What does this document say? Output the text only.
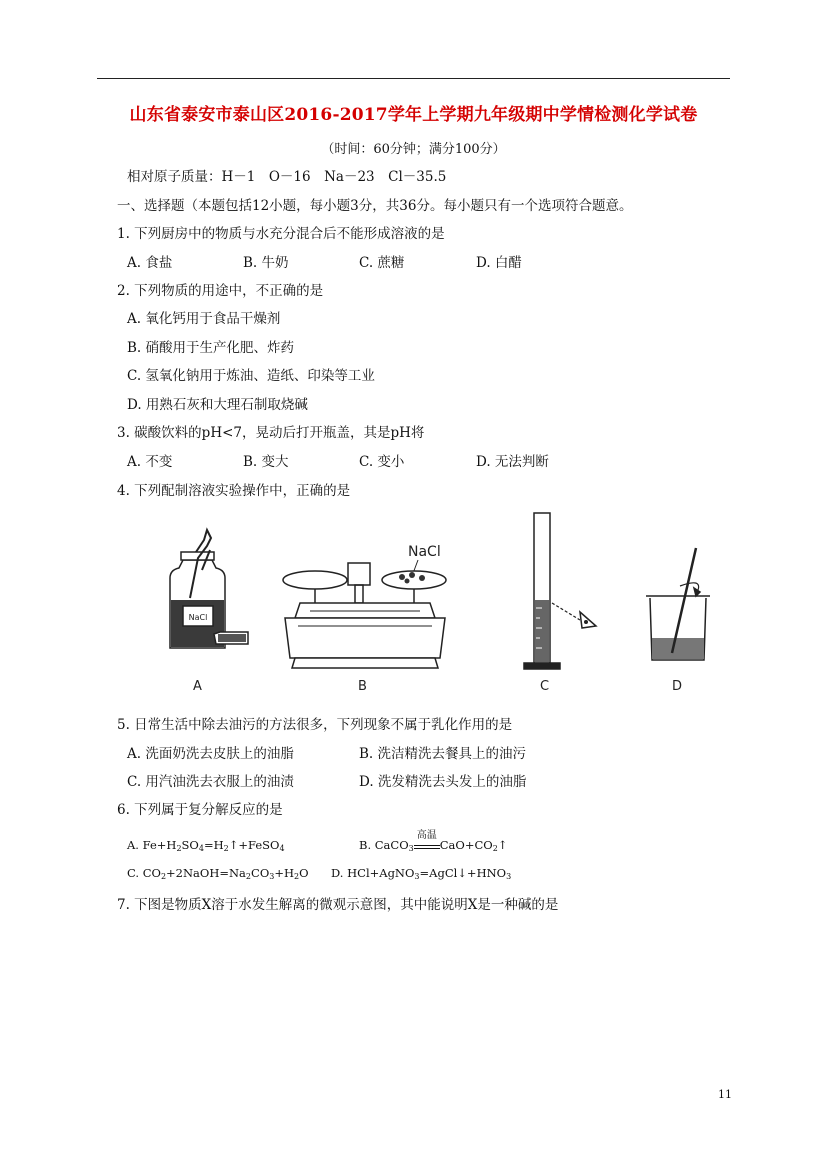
山东省泰安市泰山区2016-2017学年上学期九年级期中学情检测化学试卷
（时间：60分钟；满分100分）
相对原子质量：H－1　O－16　Na－23　Cl－35.5
一、选择题（本题包括12小题，每小题3分，共36分。每小题只有一个选项符合题意。
1. 下列厨房中的物质与水充分混合后不能形成溶液的是
A. 食盐	B. 牛奶	C. 蔗糖	D. 白醋
2. 下列物质的用途中，不正确的是
A. 氧化钙用于食品干燥剂
B. 硝酸用于生产化肥、炸药
C. 氢氧化钠用于炼油、造纸、印染等工业
D. 用熟石灰和大理石制取烧碱
3. 碳酸饮料的pH<7，晃动后打开瓶盖，其是pH将
A. 不变	B. 变大	C. 变小	D. 无法判断
4. 下列配制溶液实验操作中，正确的是
NaCl
A
NaCl
B	C	D
5. 日常生活中除去油污的方法很多，下列现象不属于乳化作用的是
A. 洗面奶洗去皮肤上的油脂	B. 洗洁精洗去餐具上的油污
C. 用汽油洗去衣服上的油渍	D. 洗发精洗去头发上的油脂
6. 下列属于复分解反应的是
A. $Fe+H_2SO_4=H_2↑+FeSO_4$	B. CaCO$_3$
高温
$CaO+CO_2↑$
C. $CO_2+2NaOH=Na_2CO_3+H_2O$ D. $HCl+AgNO_3=AgCl↓+HNO_3$
7. 下图是物质X溶于水发生解离的微观示意图，其中能说明X是一种碱的是
11
